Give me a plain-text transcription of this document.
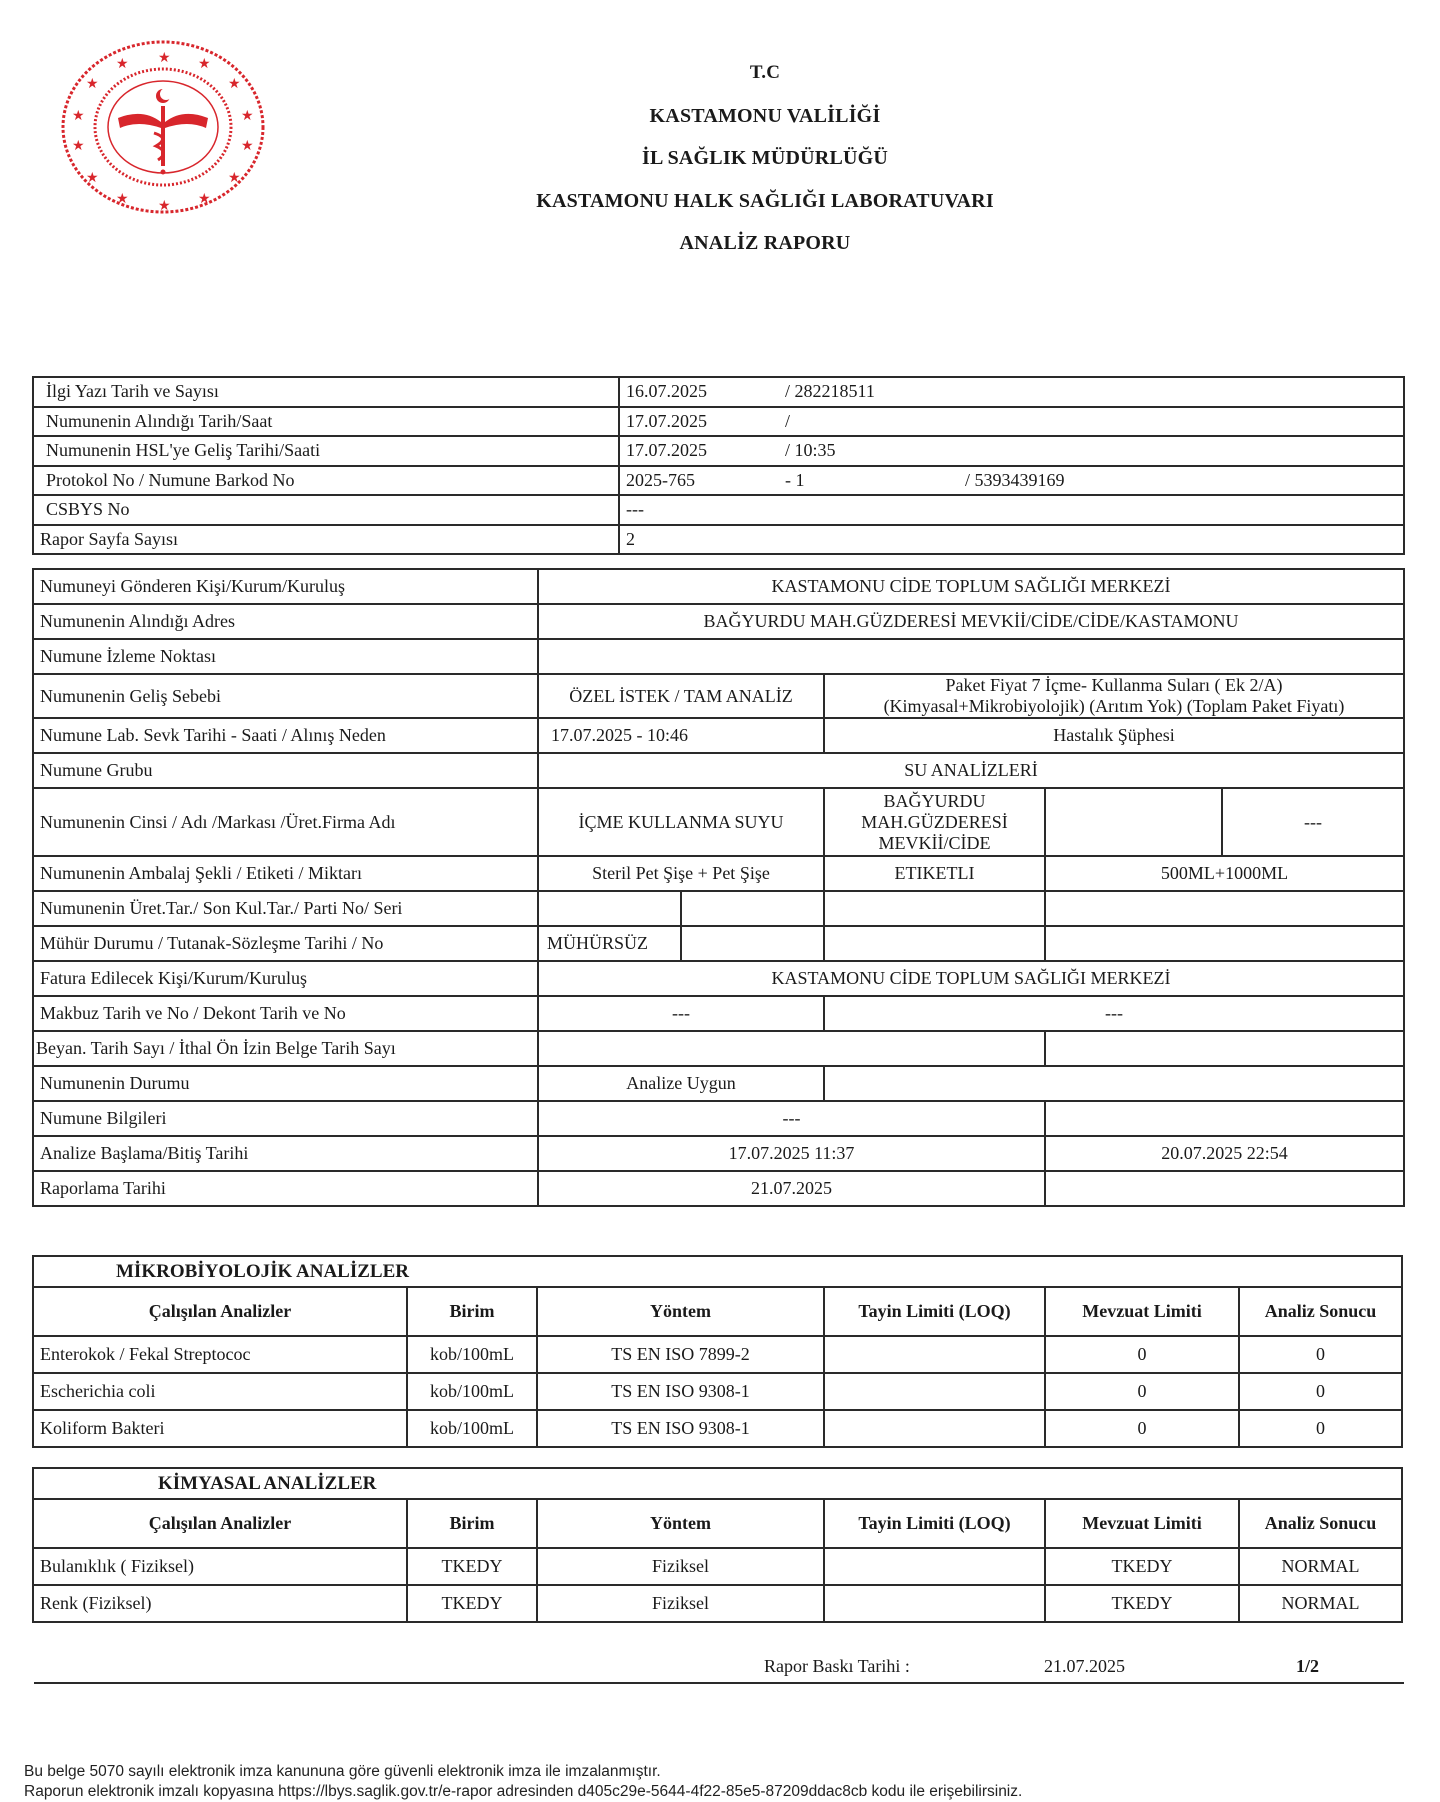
★ ★
★
★
★
★
★
★
★
★
★
★
★ ★
T.C
KASTAMONU VALİLİĞİ
İL SAĞLIK MÜDÜRLÜĞÜ
KASTAMONU HALK SAĞLIĞI LABORATUVARI
ANALİZ RAPORU
İlgi Yazı Tarih ve Sayısı	16.07.2025	/ 282218511	
Numunenin Alındığı Tarih/Saat	17.07.2025	/	
Numunenin HSL'ye Geliş Tarihi/Saati	17.07.2025	/ 10:35	
Protokol No / Numune Barkod No	2025-765	- 1	/ 5393439169
CSBYS No	---		
Rapor Sayfa Sayısı	2		
Numuneyi Gönderen Kişi/Kurum/Kuruluş	KASTAMONU CİDE TOPLUM SAĞLIĞI MERKEZİ				
Numunenin Alındığı Adres	BAĞYURDU MAH.GÜZDERESİ MEVKİİ/CİDE/CİDE/KASTAMONU				
Numune İzleme Noktası					
Numunenin Geliş Sebebi	ÖZEL İSTEK / TAM ANALİZ		Paket Fiyat 7 İçme- Kullanma Suları ( Ek 2/A)
(Kimyasal+Mikrobiyolojik) (Arıtım Yok) (Toplam Paket Fiyatı)		

Numune Lab. Sevk Tarihi - Saati / Alınış Neden	17.07.2025 - 10:46		Hastalık Şüphesi		
Numune Grubu	SU ANALİZLERİ				
Numunenin Cinsi / Adı /Markası /Üret.Firma Adı	İÇME KULLANMA SUYU		BAĞYURDU
MAH.GÜZDERESİ
MEVKİİ/CİDE		---
Numunenin Ambalaj Şekli / Etiketi / Miktarı	Steril Pet Şişe + Pet Şişe		ETIKETLI	500ML+1000ML	
Numunenin Üret.Tar./ Son Kul.Tar./ Parti No/ Seri					
Mühür Durumu / Tutanak-Sözleşme Tarihi / No	MÜHÜRSÜZ				
Fatura Edilecek Kişi/Kurum/Kuruluş	KASTAMONU CİDE TOPLUM SAĞLIĞI MERKEZİ				
Makbuz Tarih ve No / Dekont Tarih ve No	---		---		
Beyan. Tarih Sayı / İthal Ön İzin Belge Tarih Sayı					
Numunenin Durumu	Analize Uygun				
Numune Bilgileri	---				
Analize Başlama/Bitiş Tarihi	17.07.2025 11:37			20.07.2025 22:54	
Raporlama Tarihi	21.07.2025				
MİKROBİYOLOJİK ANALİZLER					
Çalışılan Analizler	Birim	Yöntem	Tayin Limiti (LOQ)	Mevzuat Limiti	Analiz Sonucu
Enterokok / Fekal Streptococ	kob/100mL	TS EN ISO 7899-2		0	0
Escherichia coli	kob/100mL	TS EN ISO 9308-1		0	0
Koliform Bakteri	kob/100mL	TS EN ISO 9308-1		0	0
KİMYASAL ANALİZLER					
Çalışılan Analizler	Birim	Yöntem	Tayin Limiti (LOQ)	Mevzuat Limiti	Analiz Sonucu
Bulanıklık ( Fiziksel)	TKEDY	Fiziksel		TKEDY	NORMAL
Renk (Fiziksel)	TKEDY	Fiziksel		TKEDY	NORMAL
Rapor Baskı Tarihi :	21.07.2025	1/2
Bu belge 5070 sayılı elektronik imza kanununa göre güvenli elektronik imza ile imzalanmıştır.
Raporun elektronik imzalı kopyasına https://lbys.saglik.gov.tr/e-rapor adresinden d405c29e-5644-4f22-85e5-87209ddac8cb kodu ile erişebilirsiniz.
